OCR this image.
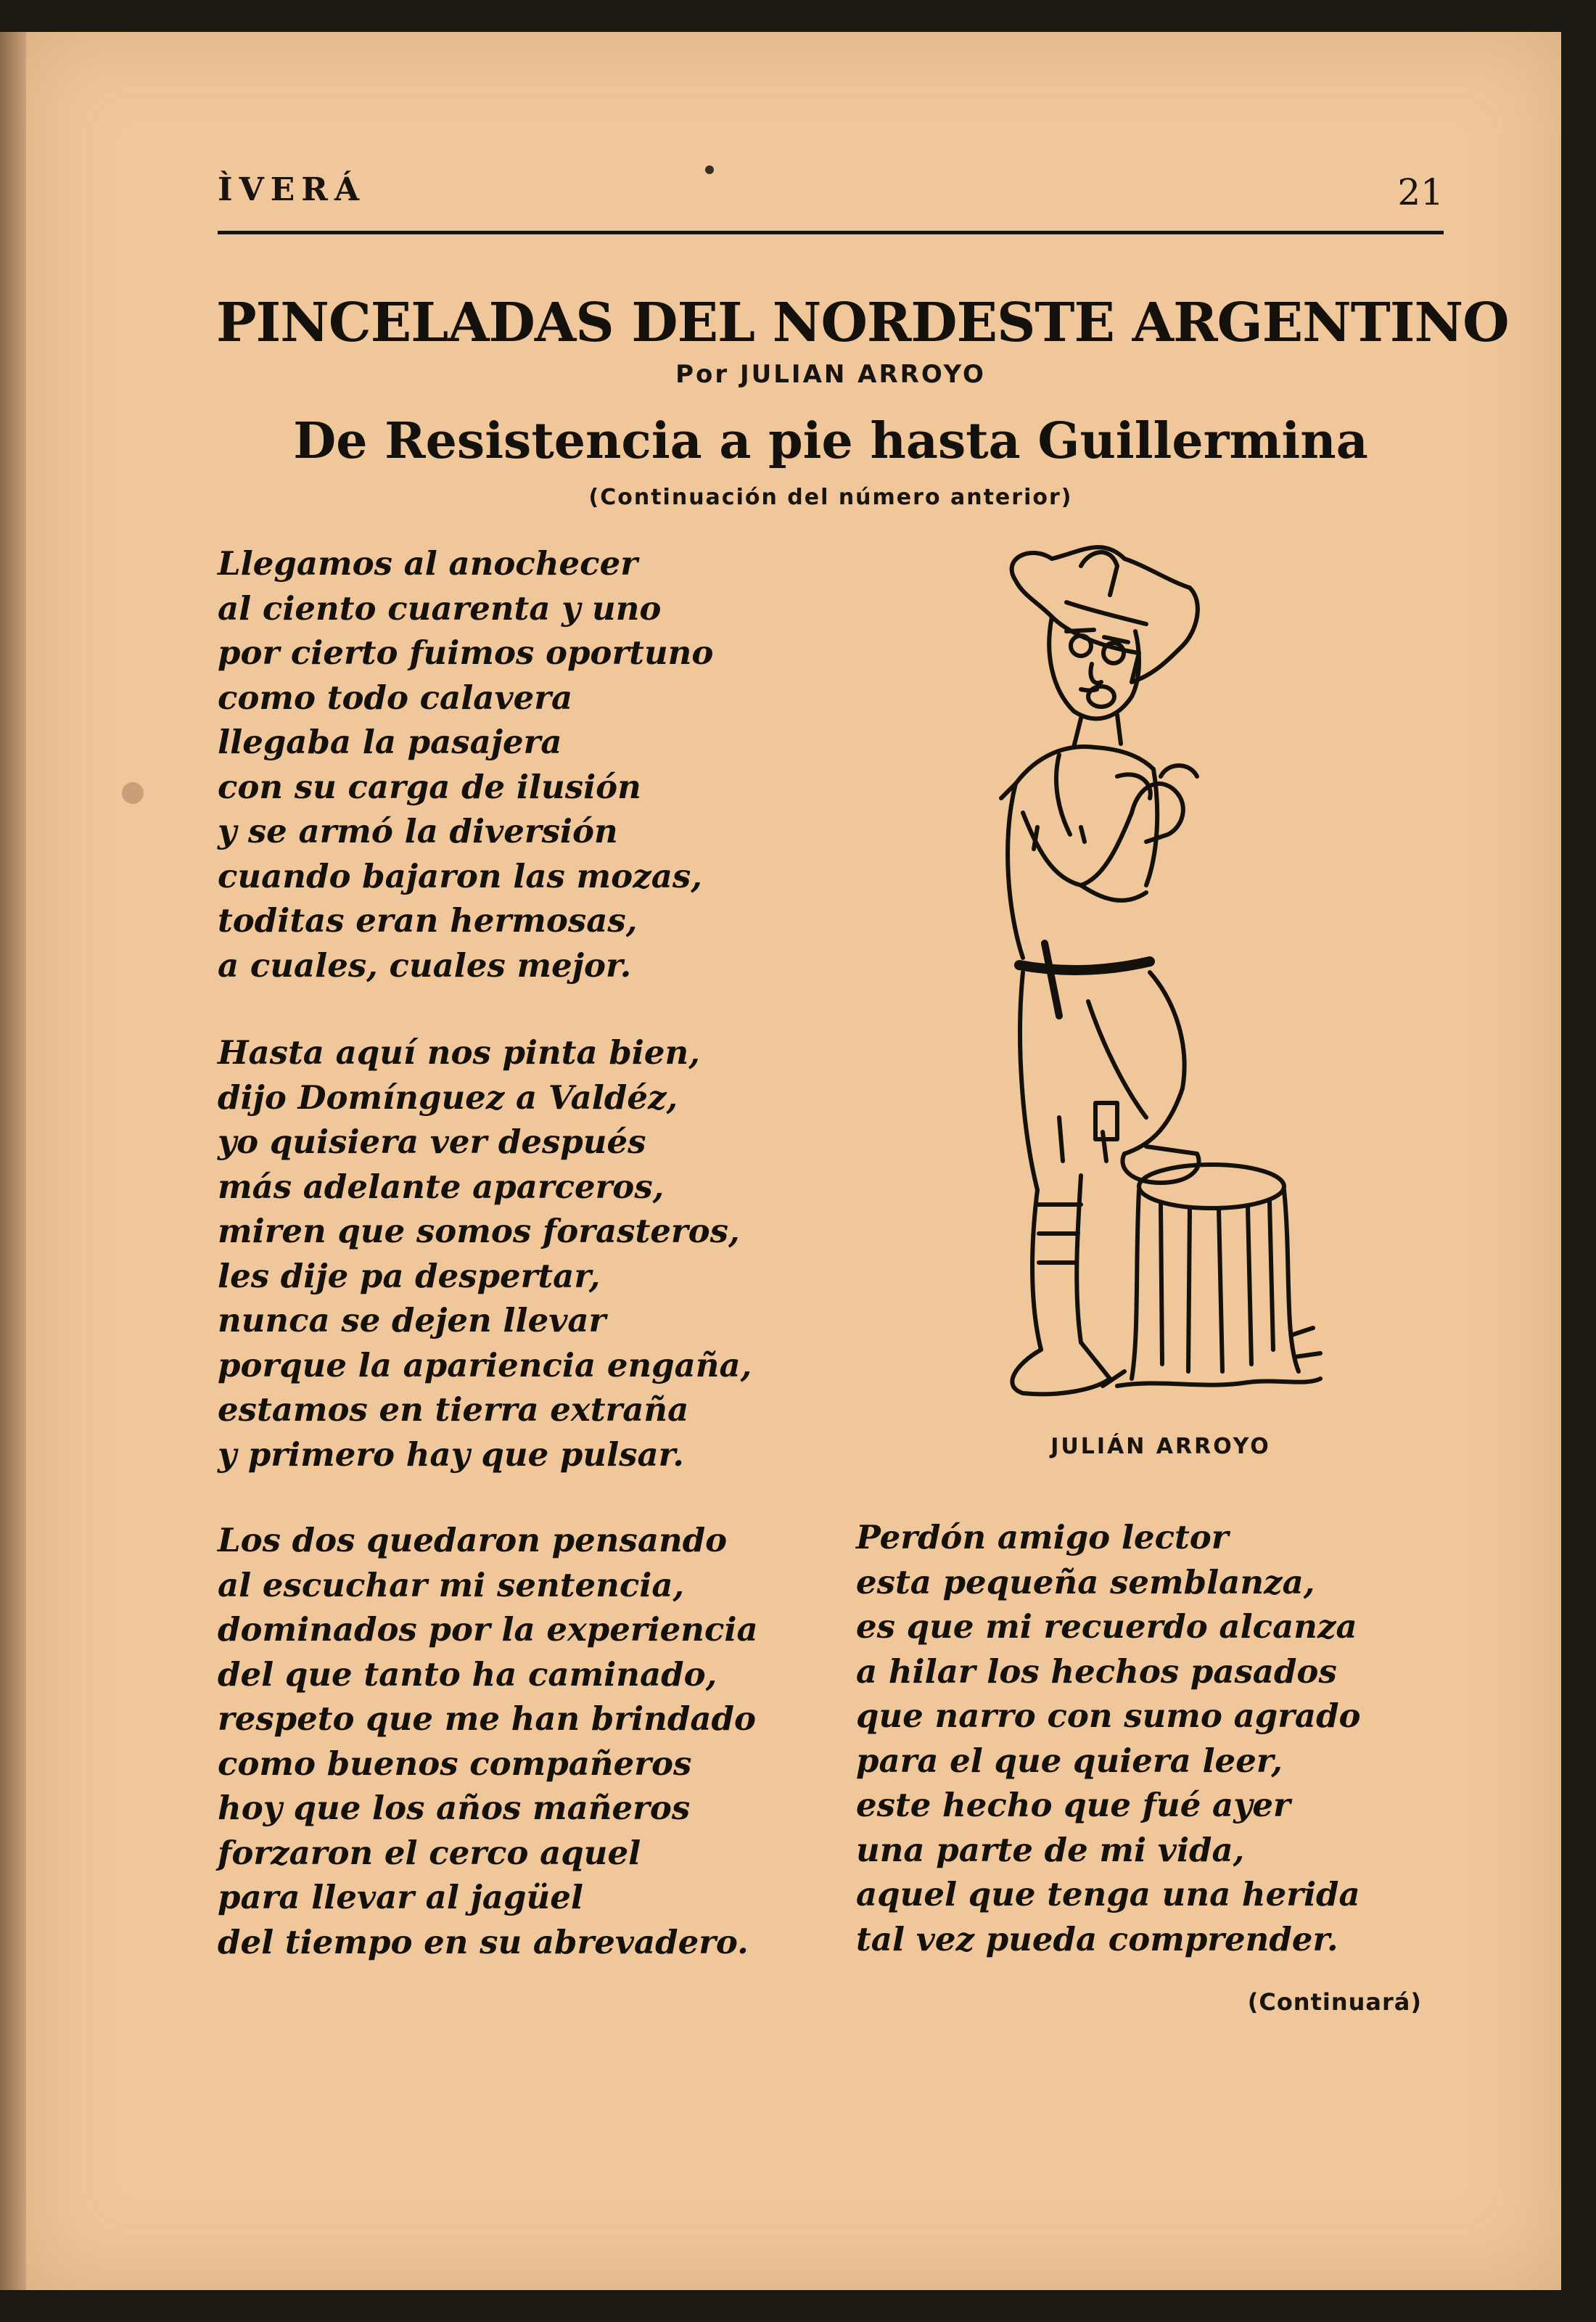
ÌVERÁ	21
PINCELADAS DEL NORDESTE ARGENTINO
Por JULIAN ARROYO
De Resistencia a pie hasta Guillermina
(Continuación del número anterior)
Llegamos al anochecer
al ciento cuarenta y uno
por cierto fuimos oportuno
como todo calavera
llegaba la pasajera
con su carga de ilusión
y se armó la diversión
cuando bajaron las mozas,
toditas eran hermosas,
a cuales, cuales mejor.
Hasta aquí nos pinta bien,
dijo Domínguez a Valdéz,
yo quisiera ver después
más adelante aparceros,
miren que somos forasteros,
les dije pa despertar,
nunca se dejen llevar
porque la apariencia engaña,
estamos en tierra extraña
y primero hay que pulsar.
Los dos quedaron pensando
al escuchar mi sentencia,
dominados por la experiencia
del que tanto ha caminado,
respeto que me han brindado
como buenos compañeros
hoy que los años mañeros
forzaron el cerco aquel
para llevar al jagüel
del tiempo en su abrevadero.
Perdón amigo lector
esta pequeña semblanza,
es que mi recuerdo alcanza
a hilar los hechos pasados
que narro con sumo agrado
para el que quiera leer,
este hecho que fué ayer
una parte de mi vida,
aquel que tenga una herida
tal vez pueda comprender.
JULIÁN ARROYO
(Continuará)
